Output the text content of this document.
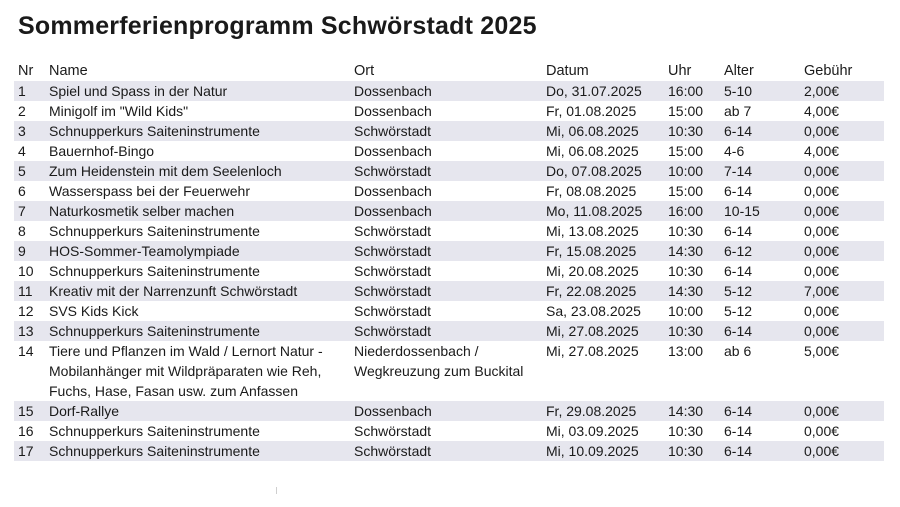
Sommerferienprogramm Schwörstadt 2025
Nr	Name	Ort	Datum	Uhr	Alter	Gebühr
1	Spiel und Spass in der Natur	Dossenbach	Do, 31.07.2025	16:00	5-10	2,00€
2	Minigolf im "Wild Kids"	Dossenbach	Fr, 01.08.2025	15:00	ab 7	4,00€
3	Schnupperkurs Saiteninstrumente	Schwörstadt	Mi, 06.08.2025	10:30	6-14	0,00€
4	Bauernhof-Bingo	Dossenbach	Mi, 06.08.2025	15:00	4-6	4,00€
5	Zum Heidenstein mit dem Seelenloch	Schwörstadt	Do, 07.08.2025	10:00	7-14	0,00€
6	Wasserspass bei der Feuerwehr	Dossenbach	Fr, 08.08.2025	15:00	6-14	0,00€
7	Naturkosmetik selber machen	Dossenbach	Mo, 11.08.2025	16:00	10-15	0,00€
8	Schnupperkurs Saiteninstrumente	Schwörstadt	Mi, 13.08.2025	10:30	6-14	0,00€
9	HOS-Sommer-Teamolympiade	Schwörstadt	Fr, 15.08.2025	14:30	6-12	0,00€
10	Schnupperkurs Saiteninstrumente	Schwörstadt	Mi, 20.08.2025	10:30	6-14	0,00€
11	Kreativ mit der Narrenzunft Schwörstadt	Schwörstadt	Fr, 22.08.2025	14:30	5-12	7,00€
12	SVS Kids Kick	Schwörstadt	Sa, 23.08.2025	10:00	5-12	0,00€
13	Schnupperkurs Saiteninstrumente	Schwörstadt	Mi, 27.08.2025	10:30	6-14	0,00€
14	Tiere und Pflanzen im Wald / Lernort Natur - Mobilanhänger mit Wildpräparaten wie Reh, Fuchs, Hase, Fasan usw. zum Anfassen	Niederdossenbach / Wegkreuzung zum Buckital	Mi, 27.08.2025	13:00	ab 6	5,00€
15	Dorf-Rallye	Dossenbach	Fr, 29.08.2025	14:30	6-14	0,00€
16	Schnupperkurs Saiteninstrumente	Schwörstadt	Mi, 03.09.2025	10:30	6-14	0,00€
17	Schnupperkurs Saiteninstrumente	Schwörstadt	Mi, 10.09.2025	10:30	6-14	0,00€
